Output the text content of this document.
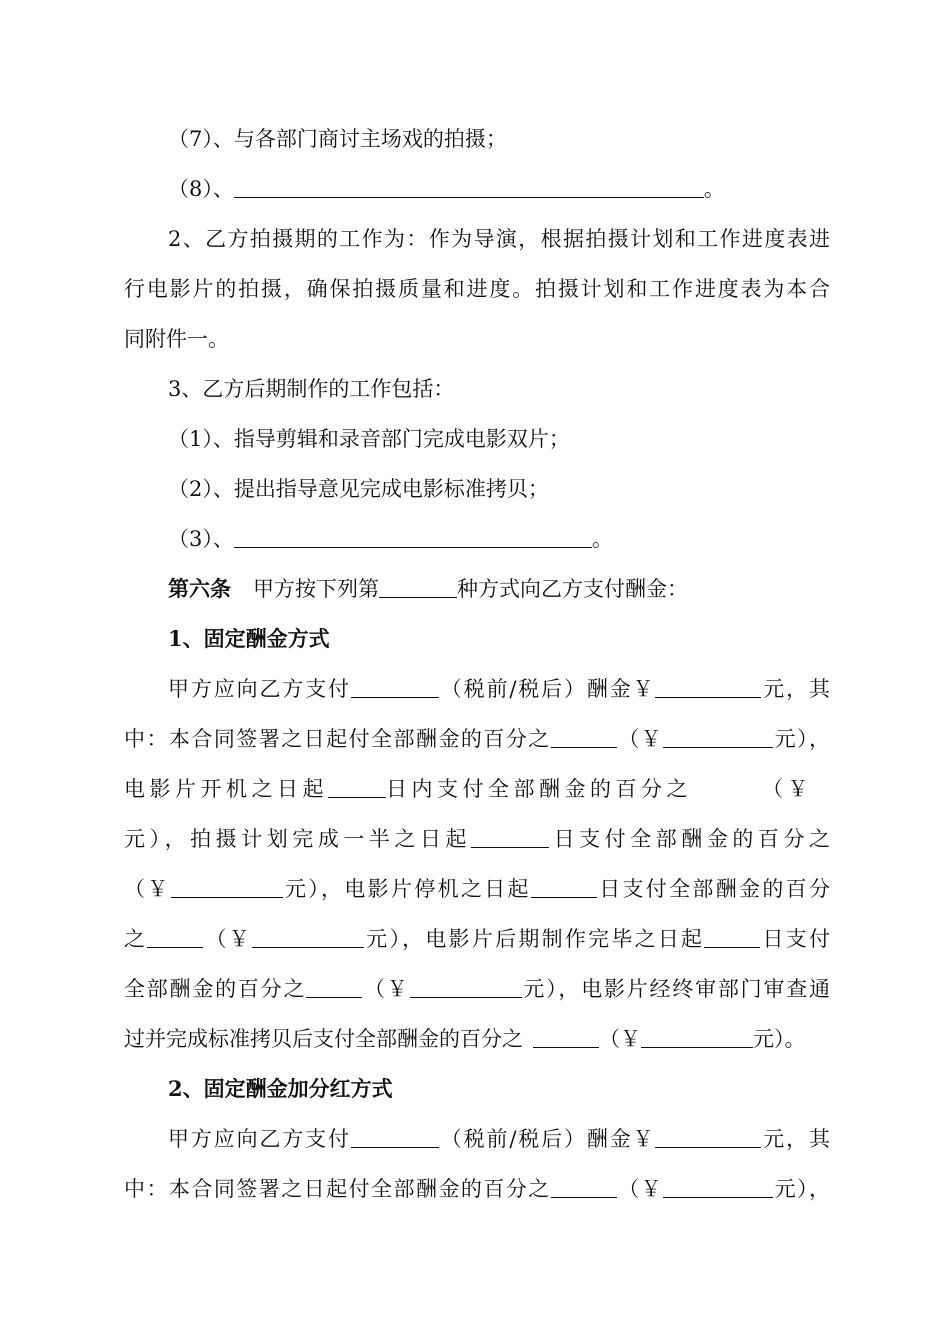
（7）、与各部门商讨主场戏的拍摄；
（8）、	。
2、乙方拍摄期的工作为：作为导演，根据拍摄计划和工作进度表进
行电影片的拍摄，确保拍摄质量和进度。拍摄计划和工作进度表为本合
同附件一。
3、乙方后期制作的工作包括：
（1）、指导剪辑和录音部门完成电影双片；
（2）、提出指导意见完成电影标准拷贝；
（3）、	。
第六条 甲方按下列第	种方式向乙方支付酬金：
1、固定酬金方式
甲方应向乙方支付	（税前/税后）酬金￥	元，其
中：本合同签署之日起付全部酬金的百分之	（￥	元），
电影片开机之日起	日内支付全部酬金的百分之	（￥
元），拍摄计划完成一半之日起	日支付全部酬金的百分之
（￥	元），电影片停机之日起	日支付全部酬金的百分
之	（￥	元），电影片后期制作完毕之日起	日支付
全部酬金的百分之	（￥	元），电影片经终审部门审查通
过并完成标准拷贝后支付全部酬金的百分之	（￥	元）。
2、固定酬金加分红方式
甲方应向乙方支付	（税前/税后）酬金￥	元，其
中：本合同签署之日起付全部酬金的百分之	（￥	元），
